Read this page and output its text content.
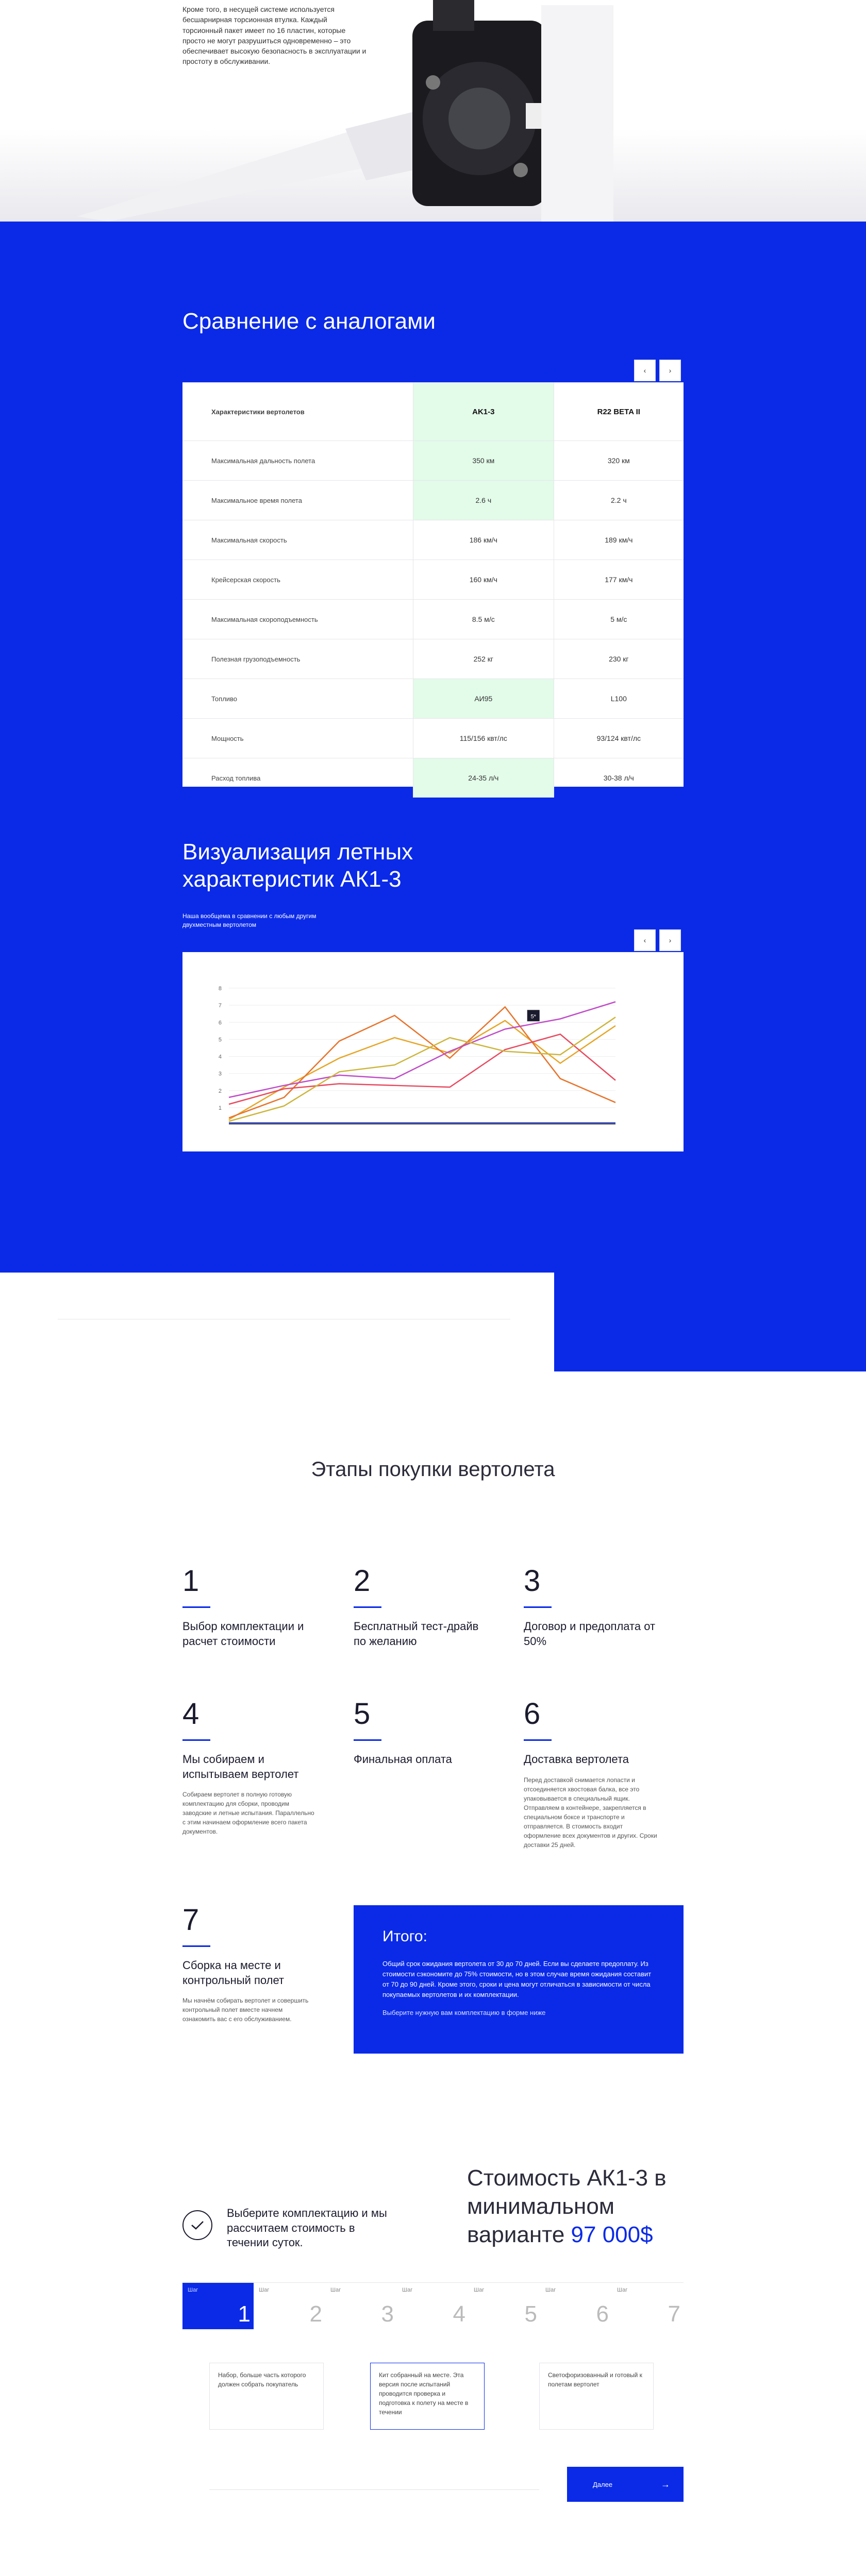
Кроме того, в несущей системе используется бесшарнирная торсионная втулка. Каждый торсионный пакет имеет по 16 пластин, которые просто не могут разрушиться одновременно – это обеспечивает высокую безопасность в эксплуатации и простоту в обслуживании.

Сравнение с аналогами
‹	›
Характеристики вертолетов	AK1-3	R22 BETA II
Максимальная дальность полета	350 км	320 км
Максимальное время полета	2.6 ч	2.2 ч
Максимальная скорость	186 км/ч	189 км/ч
Крейсерская скорость	160 км/ч	177 км/ч
Максимальная скороподъемность	8.5 м/с	5 м/с
Полезная грузоподъемность	252 кг	230 кг
Топливо	АИ95	L100
Мощность	115/156 квт/лс	93/124 квт/лс
Расход топлива	24-35 л/ч	30-38 л/ч
Визуализация летных характеристик АК1-3

Наша вообщема в сравнении с любым другим двухместным вертолетом

‹	›
1
2
3
4
5
6
7
8
5*
Этапы покупки вертолета
1
Выбор комплектации и расчет стоимости
2
Бесплатный тест-драйв по желанию
3
Договор и предоплата от 50%
4
Мы собираем и испытываем вертолет
Собираем вертолет в полную готовую комплектацию для сборки, проводим заводские и летные испытания. Параллельно с этим начинаем оформление всего пакета документов.
5
Финальная оплата
6
Доставка вертолета
Перед доставкой снимается лопасти и отсоединяется хвостовая балка, все это упаковывается в специальный ящик. Отправляем в контейнере, закрепляется в специальном боксе и транспорте и отправляется. В стоимость входит оформление всех документов и других. Сроки доставки 25 дней.
7
Сборка на месте и контрольный полет
Мы начнём собирать вертолет и совершить контрольный полет вместе начнем ознакомить вас с его обслуживанием.
Итого:
Общий срок ожидания вертолета от 30 до 70 дней. Если вы сделаете предоплату. Из стоимости сэкономите до 75% стоимости, но в этом случае время ожидания составит от 70 до 90 дней. Кроме этого, сроки и цена могут отличаться в зависимости от числа покупаемых вертолетов и их комплектации.
Выберите нужную вам комплектацию в форме ниже

Выберите комплектацию и мы рассчитаем стоимость в течении суток.

Стоимость АК1-3 в минимальном варианте 97 000$
Шаг
1
Шаг
2
Шаг
3
Шаг
4
Шаг
5
Шаг
6
Шаг
7
Набор, больше часть которого должен собрать покупатель
Кит собранный на месте. Эта версия после испытаний проводится проверка и подготовка к полету на месте в течении
Светофоризованный и готовый к полетам вертолет
Далее	→
